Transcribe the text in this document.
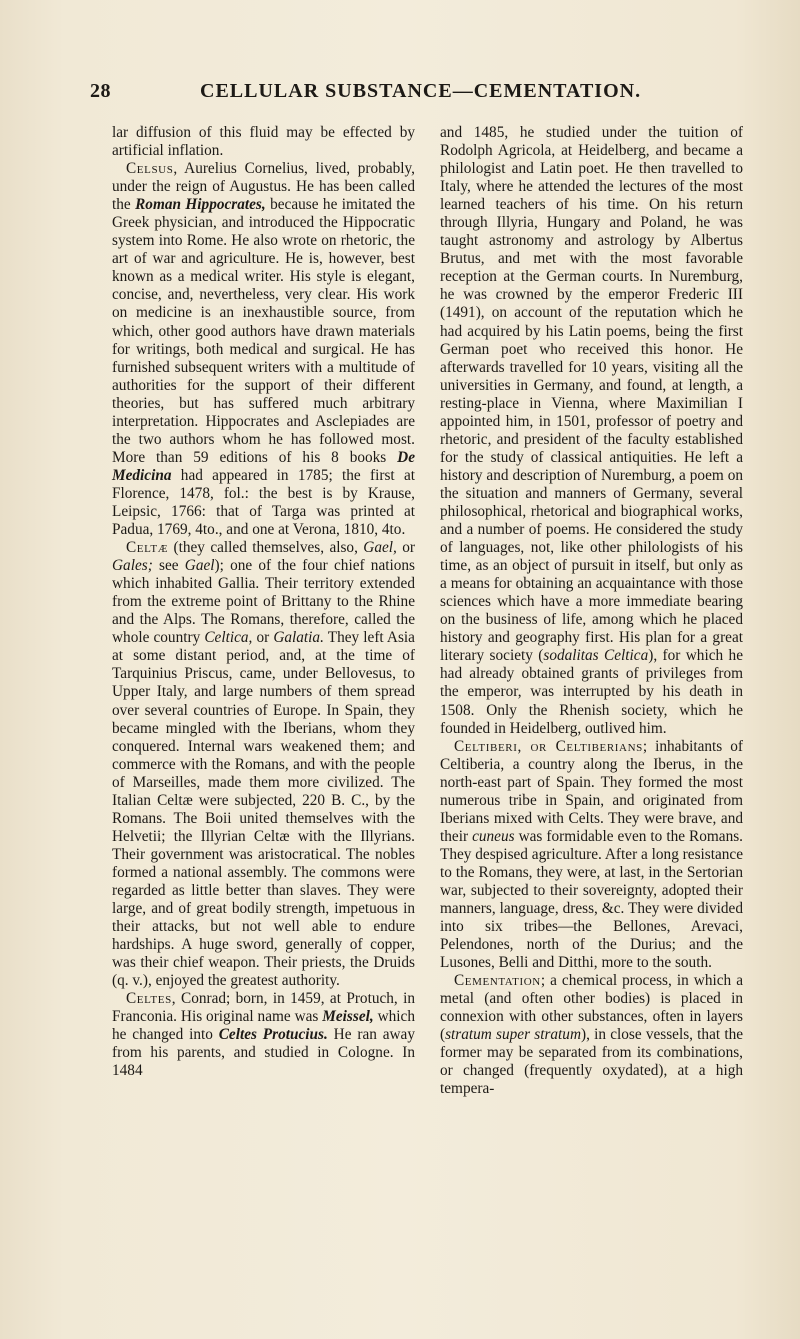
28	CELLULAR SUBSTANCE—CEMENTATION.

lar diffusion of this fluid may be effected by artificial inflation.

Celsus, Aurelius Cornelius, lived, probably, under the reign of Augustus. He has been called the Roman Hippocrates, because he imitated the Greek physician, and introduced the Hippocratic system into Rome. He also wrote on rhetoric, the art of war and agriculture. He is, however, best known as a medical writer. His style is elegant, concise, and, nevertheless, very clear. His work on medicine is an inexhaustible source, from which, other good authors have drawn materials for writings, both medical and surgical. He has furnished subsequent writers with a multitude of authorities for the support of their different theories, but has suffered much arbitrary interpretation. Hippocrates and Asclepiades are the two authors whom he has followed most. More than 59 editions of his 8 books De Medicina had appeared in 1785; the first at Florence, 1478, fol.: the best is by Krause, Leipsic, 1766: that of Targa was printed at Padua, 1769, 4to., and one at Verona, 1810, 4to.

Celtæ (they called themselves, also, Gael, or Gales; see Gael); one of the four chief nations which inhabited Gallia. Their territory extended from the extreme point of Brittany to the Rhine and the Alps. The Romans, therefore, called the whole country Celtica, or Galatia. They left Asia at some distant period, and, at the time of Tarquinius Priscus, came, under Bellovesus, to Upper Italy, and large numbers of them spread over several countries of Europe. In Spain, they became mingled with the Iberians, whom they conquered. Internal wars weakened them; and commerce with the Romans, and with the people of Marseilles, made them more civilized. The Italian Celtæ were subjected, 220 B. C., by the Romans. The Boii united themselves with the Helvetii; the Illyrian Celtæ with the Illyrians. Their government was aristocratical. The nobles formed a national assembly. The commons were regarded as little better than slaves. They were large, and of great bodily strength, impetuous in their attacks, but not well able to endure hardships. A huge sword, generally of copper, was their chief weapon. Their priests, the Druids (q. v.), enjoyed the greatest authority.

Celtes, Conrad; born, in 1459, at Protuch, in Franconia. His original name was Meissel, which he changed into Celtes Protucius. He ran away from his parents, and studied in Cologne. In 1484

and 1485, he studied under the tuition of Rodolph Agricola, at Heidelberg, and became a philologist and Latin poet. He then travelled to Italy, where he attended the lectures of the most learned teachers of his time. On his return through Illyria, Hungary and Poland, he was taught astronomy and astrology by Albertus Brutus, and met with the most favorable reception at the German courts. In Nuremburg, he was crowned by the emperor Frederic III (1491), on account of the reputation which he had acquired by his Latin poems, being the first German poet who received this honor. He afterwards travelled for 10 years, visiting all the universities in Germany, and found, at length, a resting-place in Vienna, where Maximilian I appointed him, in 1501, professor of poetry and rhetoric, and president of the faculty established for the study of classical antiquities. He left a history and description of Nuremburg, a poem on the situation and manners of Germany, several philosophical, rhetorical and biographical works, and a number of poems. He considered the study of languages, not, like other philologists of his time, as an object of pursuit in itself, but only as a means for obtaining an acquaintance with those sciences which have a more immediate bearing on the business of life, among which he placed history and geography first. His plan for a great literary society (sodalitas Celtica), for which he had already obtained grants of privileges from the emperor, was interrupted by his death in 1508. Only the Rhenish society, which he founded in Heidelberg, outlived him.

Celtiberi, or Celtiberians; inhabitants of Celtiberia, a country along the Iberus, in the north-east part of Spain. They formed the most numerous tribe in Spain, and originated from Iberians mixed with Celts. They were brave, and their cuneus was formidable even to the Romans. They despised agriculture. After a long resistance to the Romans, they were, at last, in the Sertorian war, subjected to their sovereignty, adopted their manners, language, dress, &c. They were divided into six tribes—the Bellones, Arevaci, Pelendones, north of the Durius; and the Lusones, Belli and Ditthi, more to the south.

Cementation; a chemical process, in which a metal (and often other bodies) is placed in connexion with other substances, often in layers (stratum super stratum), in close vessels, that the former may be separated from its combinations, or changed (frequently oxydated), at a high tempera-
